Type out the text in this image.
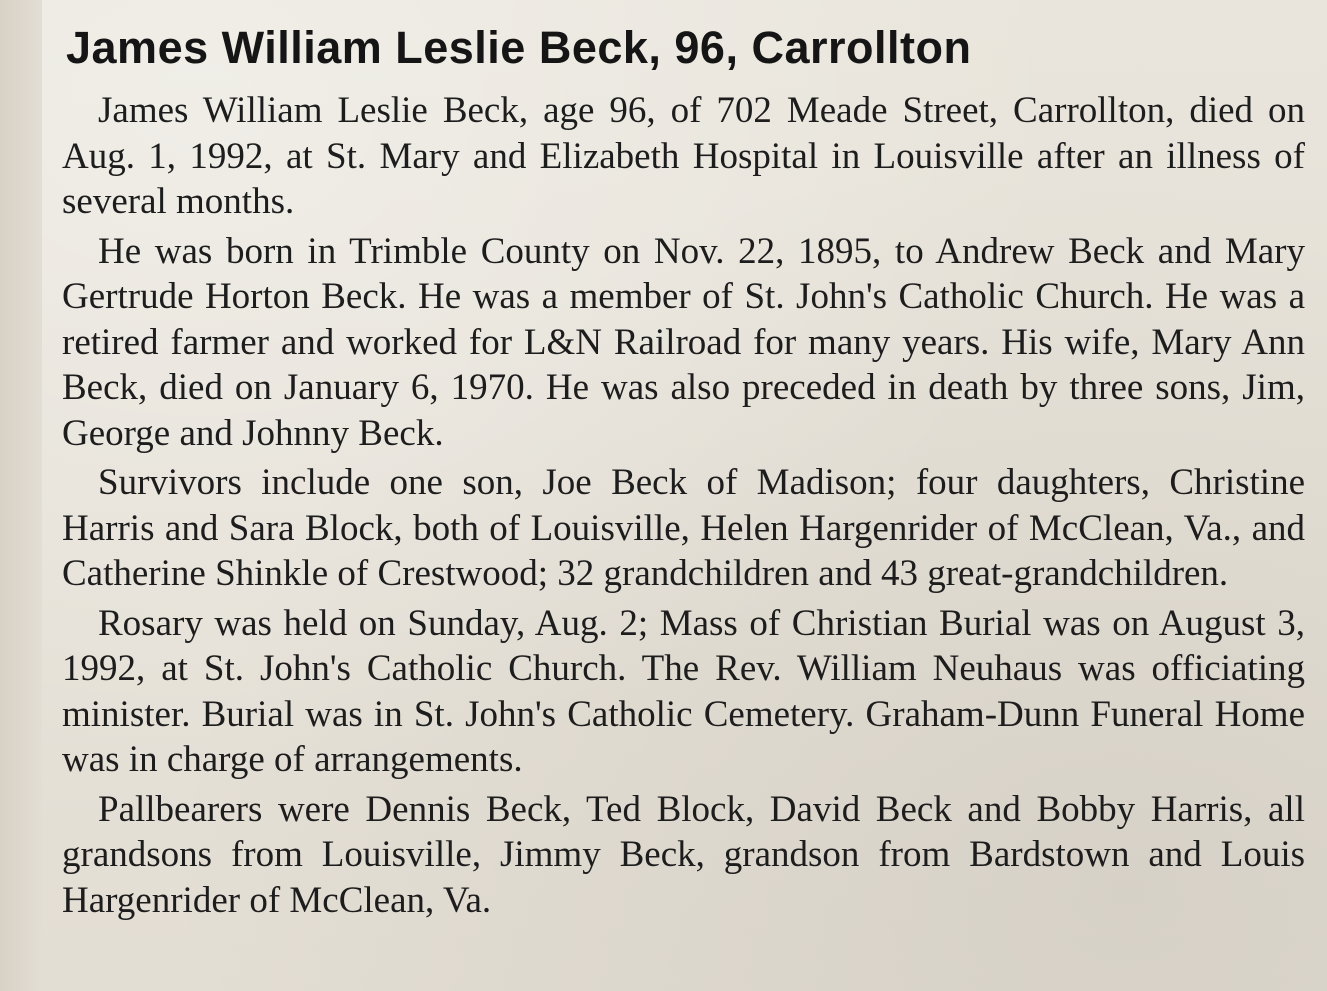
James William Leslie Beck, 96, Carrollton

James William Leslie Beck, age 96, of 702 Meade Street, Carrollton, died on Aug. 1, 1992, at St. Mary and Elizabeth Hospital in Louisville after an illness of several months.

He was born in Trimble County on Nov. 22, 1895, to Andrew Beck and Mary Gertrude Horton Beck. He was a member of St. John's Catholic Church. He was a retired farmer and worked for L&N Railroad for many years. His wife, Mary Ann Beck, died on January 6, 1970. He was also preceded in death by three sons, Jim, George and Johnny Beck.

Survivors include one son, Joe Beck of Madison; four daughters, Christine Harris and Sara Block, both of Louisville, Helen Hargenrider of McClean, Va., and Catherine Shinkle of Crestwood; 32 grandchildren and 43 great-grandchildren.

Rosary was held on Sunday, Aug. 2; Mass of Christian Burial was on August 3, 1992, at St. John's Catholic Church. The Rev. William Neuhaus was officiating minister. Burial was in St. John's Catholic Cemetery. Graham-Dunn Funeral Home was in charge of arrangements.

Pallbearers were Dennis Beck, Ted Block, David Beck and Bobby Harris, all grandsons from Louisville, Jimmy Beck, grandson from Bardstown and Louis Hargenrider of McClean, Va.
